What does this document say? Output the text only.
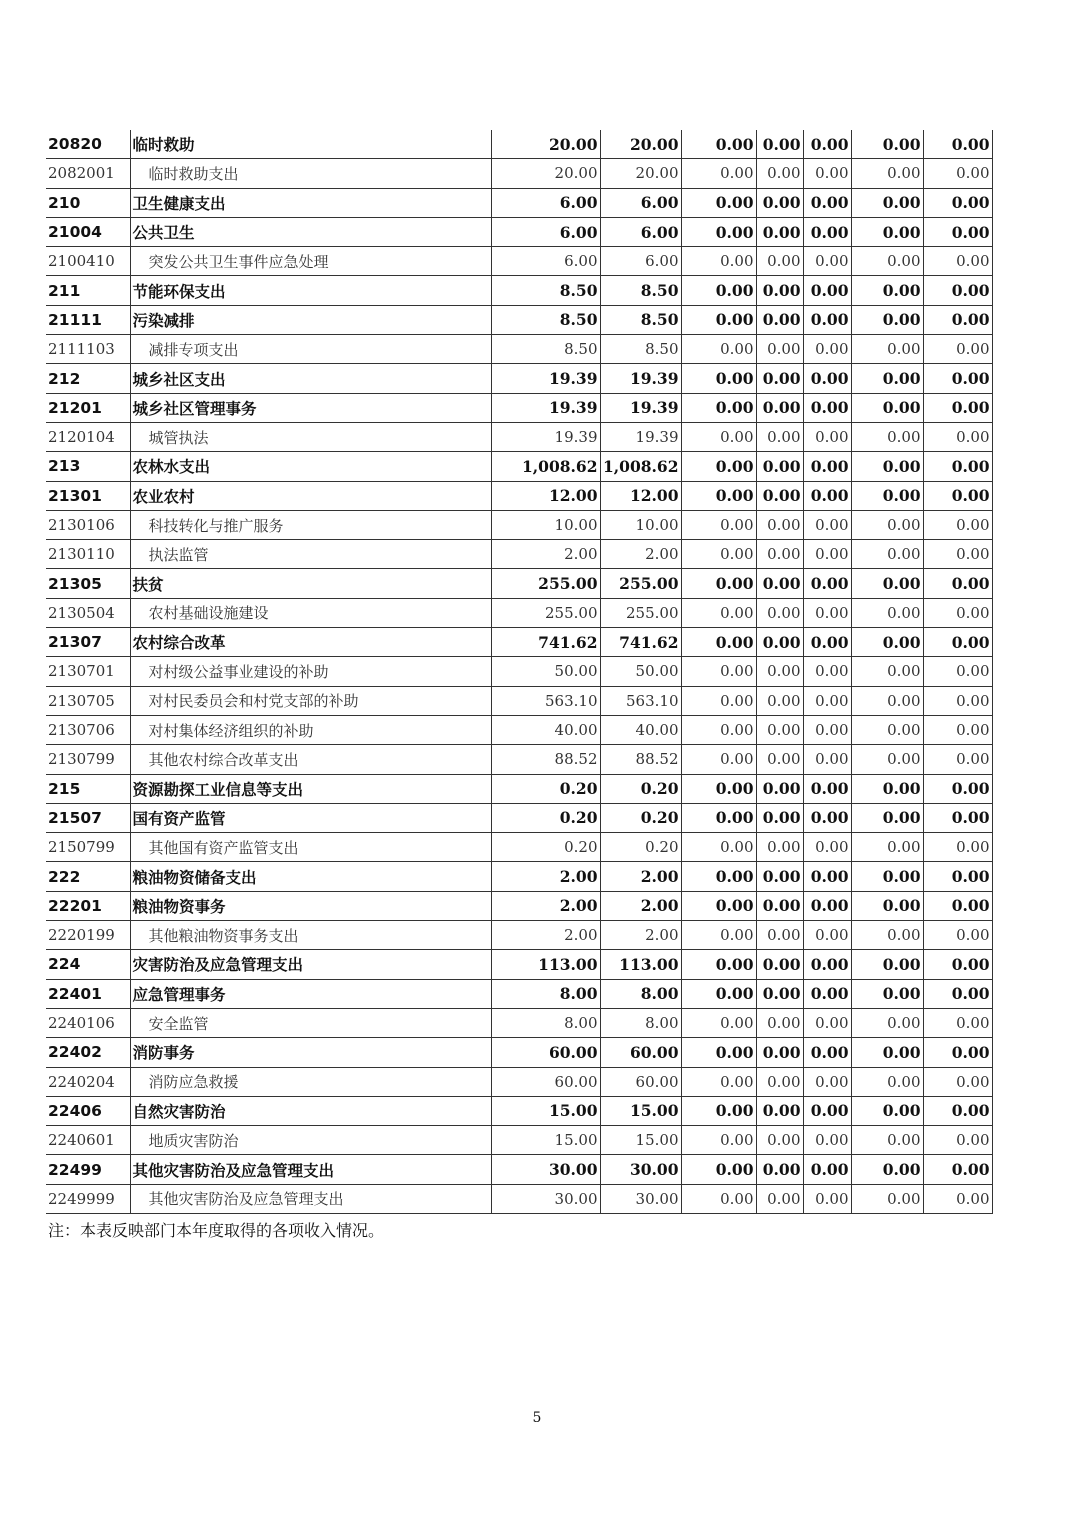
20820	临时救助	20.00	20.00	0.00	0.00	0.00	0.00	0.00
2082001	临时救助支出	20.00	20.00	0.00	0.00	0.00	0.00	0.00
210	卫生健康支出	6.00	6.00	0.00	0.00	0.00	0.00	0.00
21004	公共卫生	6.00	6.00	0.00	0.00	0.00	0.00	0.00
2100410	突发公共卫生事件应急处理	6.00	6.00	0.00	0.00	0.00	0.00	0.00
211	节能环保支出	8.50	8.50	0.00	0.00	0.00	0.00	0.00
21111	污染减排	8.50	8.50	0.00	0.00	0.00	0.00	0.00
2111103	减排专项支出	8.50	8.50	0.00	0.00	0.00	0.00	0.00
212	城乡社区支出	19.39	19.39	0.00	0.00	0.00	0.00	0.00
21201	城乡社区管理事务	19.39	19.39	0.00	0.00	0.00	0.00	0.00
2120104	城管执法	19.39	19.39	0.00	0.00	0.00	0.00	0.00
213	农林水支出	1,008.62	1,008.62	0.00	0.00	0.00	0.00	0.00
21301	农业农村	12.00	12.00	0.00	0.00	0.00	0.00	0.00
2130106	科技转化与推广服务	10.00	10.00	0.00	0.00	0.00	0.00	0.00
2130110	执法监管	2.00	2.00	0.00	0.00	0.00	0.00	0.00
21305	扶贫	255.00	255.00	0.00	0.00	0.00	0.00	0.00
2130504	农村基础设施建设	255.00	255.00	0.00	0.00	0.00	0.00	0.00
21307	农村综合改革	741.62	741.62	0.00	0.00	0.00	0.00	0.00
2130701	对村级公益事业建设的补助	50.00	50.00	0.00	0.00	0.00	0.00	0.00
2130705	对村民委员会和村党支部的补助	563.10	563.10	0.00	0.00	0.00	0.00	0.00
2130706	对村集体经济组织的补助	40.00	40.00	0.00	0.00	0.00	0.00	0.00
2130799	其他农村综合改革支出	88.52	88.52	0.00	0.00	0.00	0.00	0.00
215	资源勘探工业信息等支出	0.20	0.20	0.00	0.00	0.00	0.00	0.00
21507	国有资产监管	0.20	0.20	0.00	0.00	0.00	0.00	0.00
2150799	其他国有资产监管支出	0.20	0.20	0.00	0.00	0.00	0.00	0.00
222	粮油物资储备支出	2.00	2.00	0.00	0.00	0.00	0.00	0.00
22201	粮油物资事务	2.00	2.00	0.00	0.00	0.00	0.00	0.00
2220199	其他粮油物资事务支出	2.00	2.00	0.00	0.00	0.00	0.00	0.00
224	灾害防治及应急管理支出	113.00	113.00	0.00	0.00	0.00	0.00	0.00
22401	应急管理事务	8.00	8.00	0.00	0.00	0.00	0.00	0.00
2240106	安全监管	8.00	8.00	0.00	0.00	0.00	0.00	0.00
22402	消防事务	60.00	60.00	0.00	0.00	0.00	0.00	0.00
2240204	消防应急救援	60.00	60.00	0.00	0.00	0.00	0.00	0.00
22406	自然灾害防治	15.00	15.00	0.00	0.00	0.00	0.00	0.00
2240601	地质灾害防治	15.00	15.00	0.00	0.00	0.00	0.00	0.00
22499	其他灾害防治及应急管理支出	30.00	30.00	0.00	0.00	0.00	0.00	0.00
2249999	其他灾害防治及应急管理支出	30.00	30.00	0.00	0.00	0.00	0.00	0.00
注：本表反映部门本年度取得的各项收入情况。
5
